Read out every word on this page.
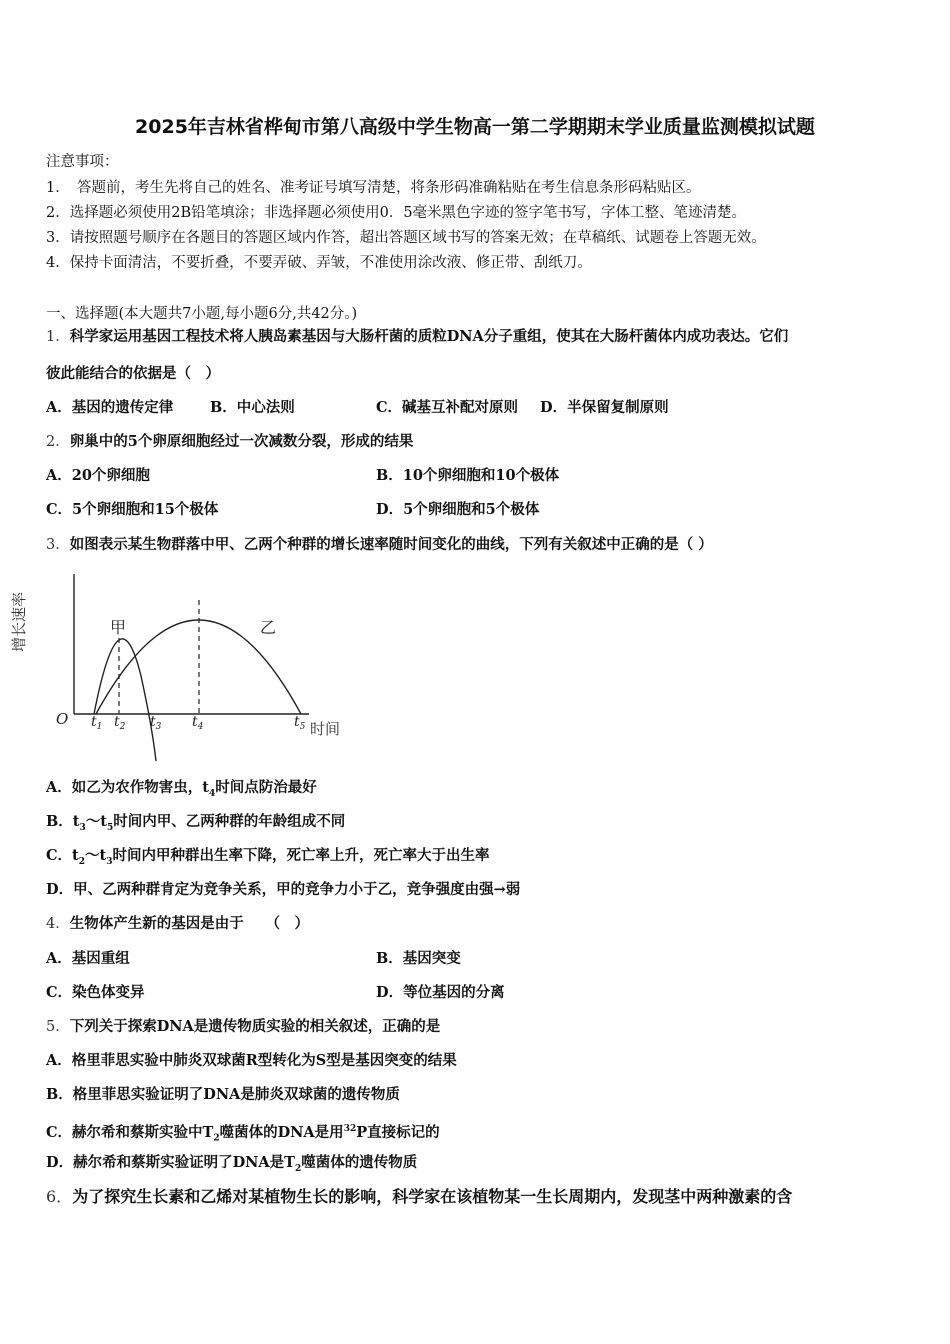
2025年吉林省桦甸市第八高级中学生物高一第二学期期末学业质量监测模拟试题
注意事项：
1．　答题前，考生先将自己的姓名、准考证号填写清楚，将条形码准确粘贴在考生信息条形码粘贴区。
2．选择题必须使用2B铅笔填涂；非选择题必须使用0．5毫米黑色字迹的签字笔书写，字体工整、笔迹清楚。
3．请按照题号顺序在各题目的答题区域内作答，超出答题区域书写的答案无效；在草稿纸、试题卷上答题无效。
4．保持卡面清洁，不要折叠，不要弄破、弄皱，不准使用涂改液、修正带、刮纸刀。
一、选择题(本大题共7小题,每小题6分,共42分。)
1．科学家运用基因工程技术将人胰岛素基因与大肠杆菌的质粒DNA分子重组，使其在大肠杆菌体内成功表达。它们
彼此能结合的依据是（　）
A．基因的遗传定律	B．中心法则	C．碱基互补配对原则 D．半保留复制原则
2．卵巢中的5个卵原细胞经过一次减数分裂，形成的结果
A．20个卵细胞	B．10个卵细胞和10个极体
C．5个卵细胞和15个极体	D．5个卵细胞和5个极体
3．如图表示某生物群落中甲、乙两个种群的增长速率随时间变化的曲线，下列有关叙述中正确的是（ ）
增长速率	甲	乙
O $t_1$ $t_2$ $t_3$ $t_4$	$t_5$ 时间
A．如乙为农作物害虫，$t_4$时间点防治最好
B．$t_3\sim t_5$时间内甲、乙两种群的年龄组成不同
C．$t_2\sim t_3$时间内甲种群出生率下降，死亡率上升，死亡率大于出生率
D．甲、乙两种群肯定为竞争关系，甲的竞争力小于乙，竞争强度由强→弱
4．生物体产生新的基因是由于　　（　）
A．基因重组	B．基因突变
C．染色体变异	D．等位基因的分离
5．下列关于探索DNA是遗传物质实验的相关叙述，正确的是
A．格里菲思实验中肺炎双球菌R型转化为S型是基因突变的结果
B．格里菲思实验证明了DNA是肺炎双球菌的遗传物质
C．赫尔希和蔡斯实验中$T_2$噬菌体的DNA是用$^{32}$P直接标记的
D．赫尔希和蔡斯实验证明了DNA是$T_2$噬菌体的遗传物质
6．为了探究生长素和乙烯对某植物生长的影响，科学家在该植物某一生长周期内，发现茎中两种激素的含
